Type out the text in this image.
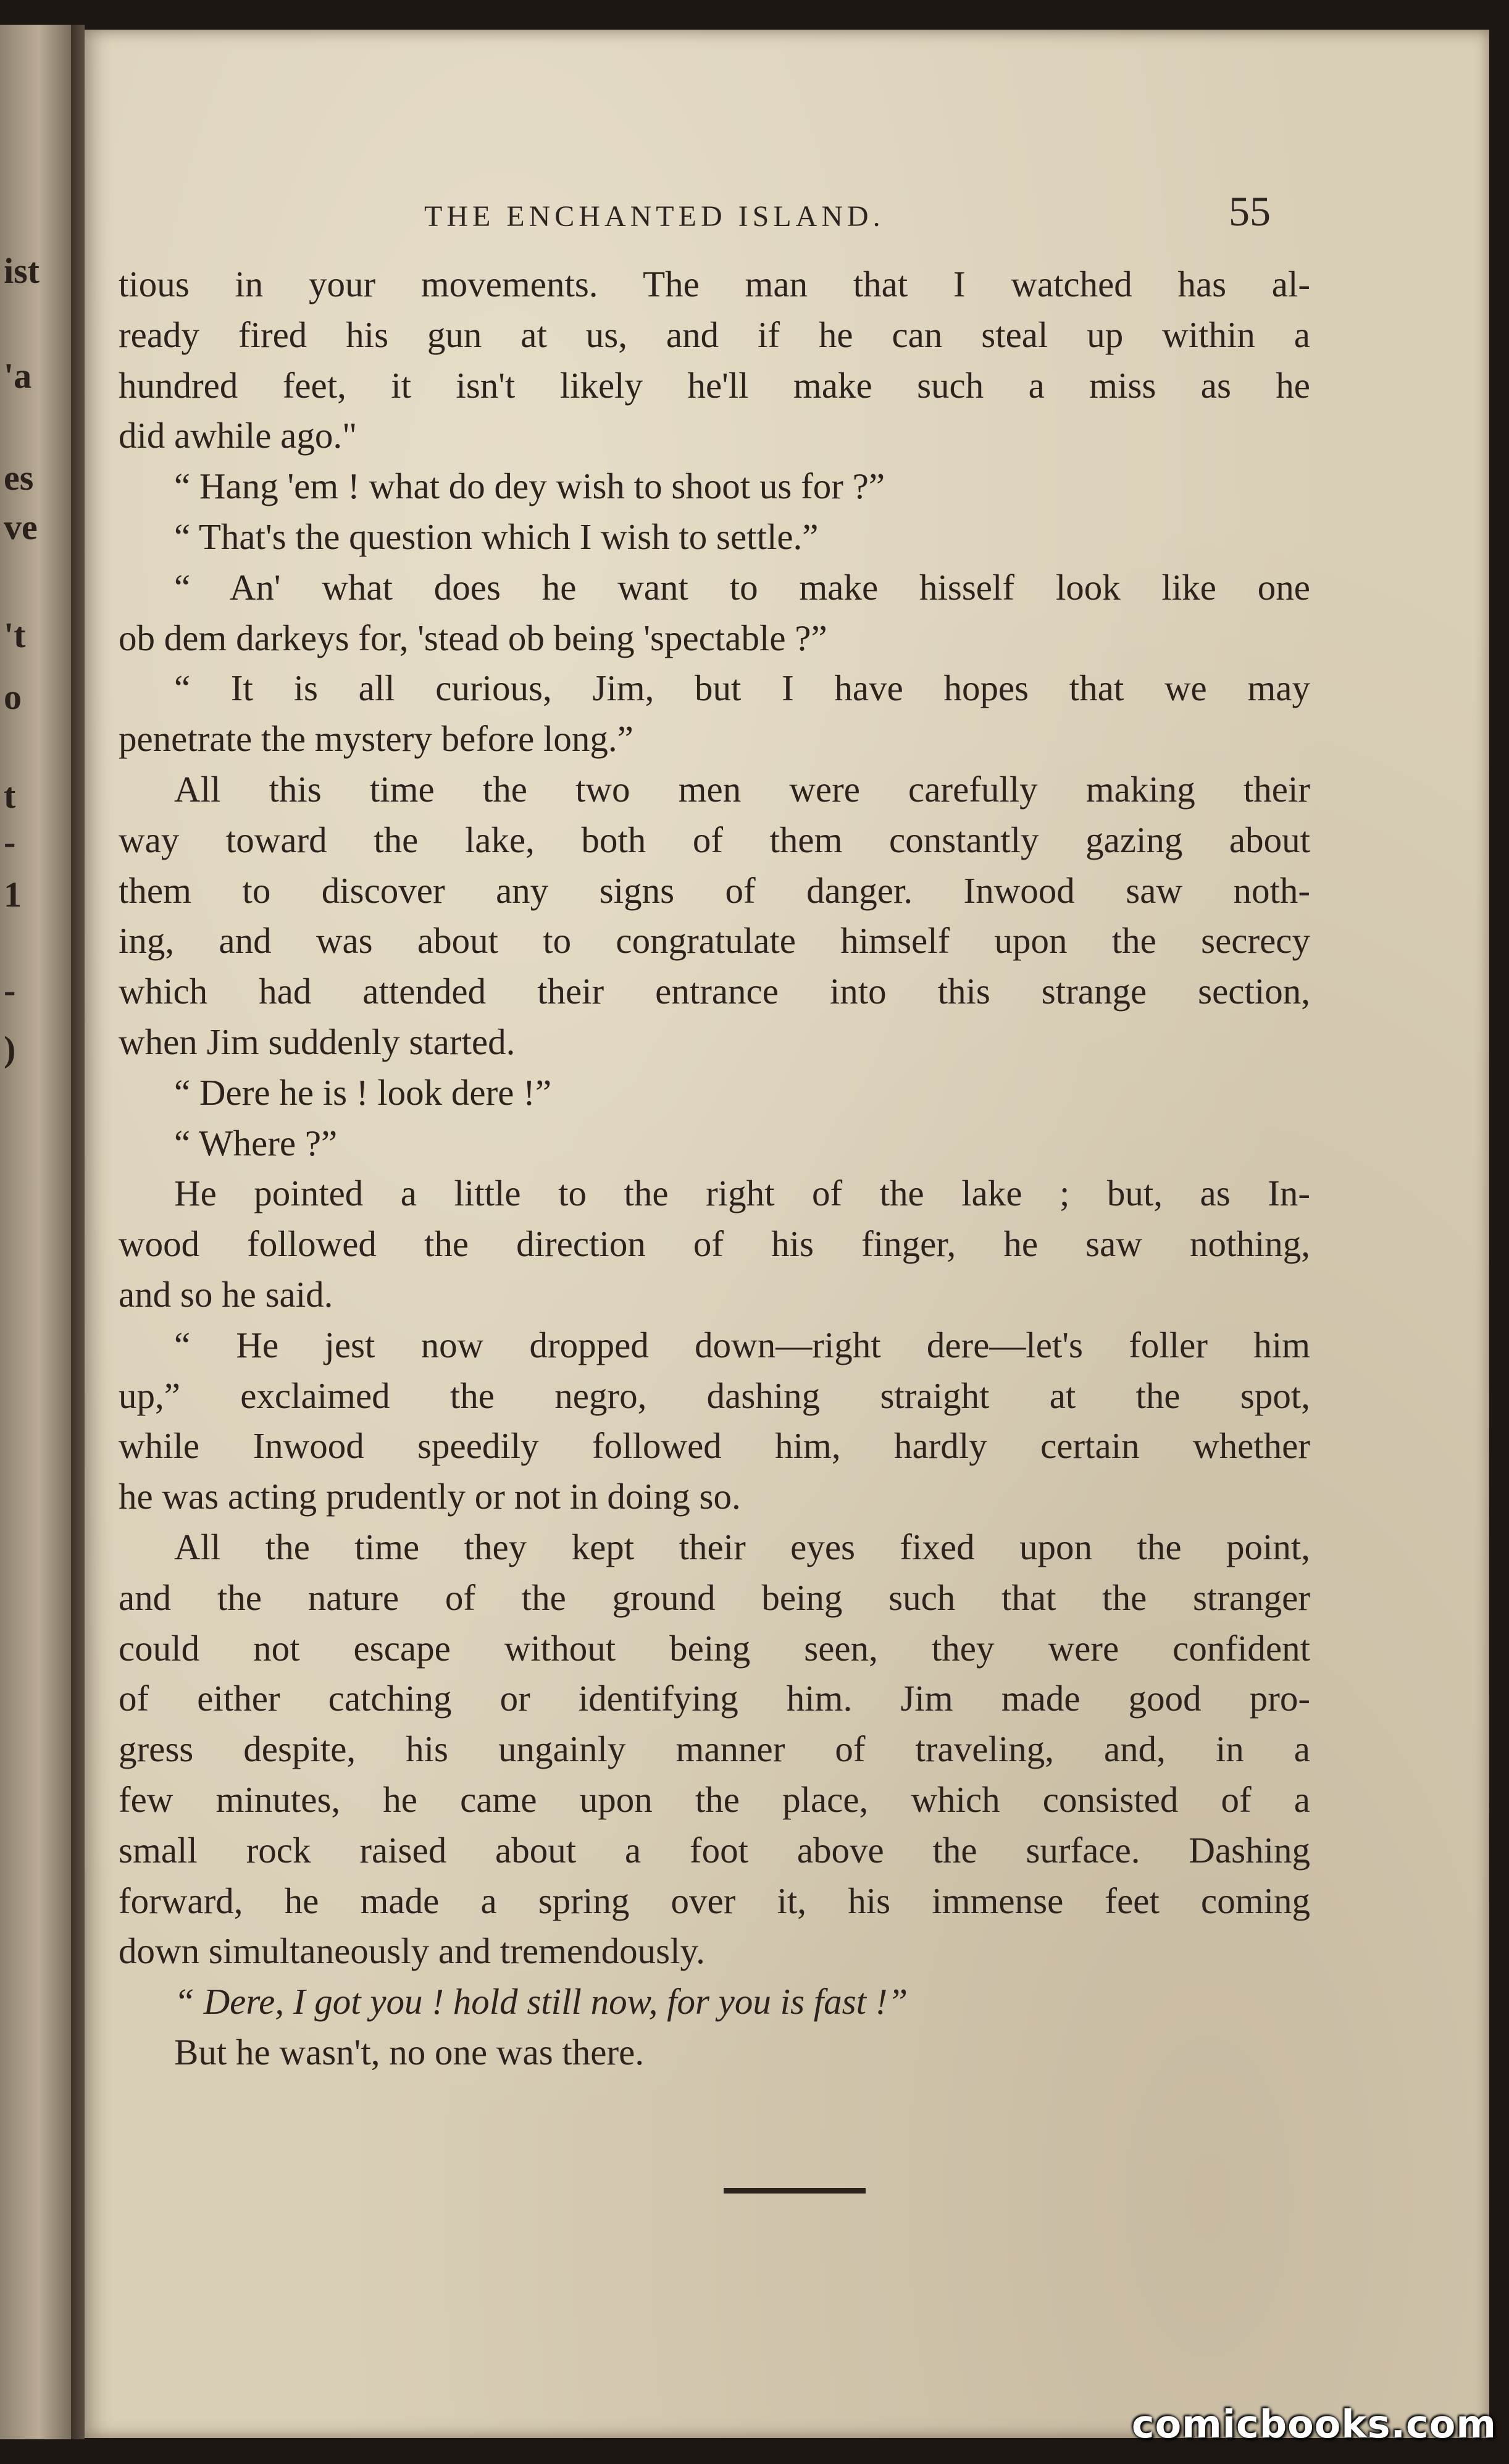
ist
'a
es
ve
't
o
t
-
1
-
)
THE ENCHANTED ISLAND.	55
tious in your movements. The man that I watched has al-
ready fired his gun at us, and if he can steal up within a
hundred feet, it isn't likely he'll make such a miss as he
did awhile ago."
“ Hang 'em ! what do dey wish to shoot us for ?”
“ That's the question which I wish to settle.”
“ An' what does he want to make hisself look like one
ob dem darkeys for, 'stead ob being 'spectable ?”
“ It is all curious, Jim, but I have hopes that we may
penetrate the mystery before long.”
All this time the two men were carefully making their
way toward the lake, both of them constantly gazing about
them to discover any signs of danger. Inwood saw noth-
ing, and was about to congratulate himself upon the secrecy
which had attended their entrance into this strange section,
when Jim suddenly started.
“ Dere he is ! look dere !”
“ Where ?”
He pointed a little to the right of the lake ; but, as In-
wood followed the direction of his finger, he saw nothing,
and so he said.
“ He jest now dropped down—right dere—let's foller him
up,” exclaimed the negro, dashing straight at the spot,
while Inwood speedily followed him, hardly certain whether
he was acting prudently or not in doing so.
All the time they kept their eyes fixed upon the point,
and the nature of the ground being such that the stranger
could not escape without being seen, they were confident
of either catching or identifying him. Jim made good pro-
gress despite, his ungainly manner of traveling, and, in a
few minutes, he came upon the place, which consisted of a
small rock raised about a foot above the surface. Dashing
forward, he made a spring over it, his immense feet coming
down simultaneously and tremendously.
“ Dere, I got you ! hold still now, for you is fast !”
But he wasn't, no one was there.
comicbooks.com
